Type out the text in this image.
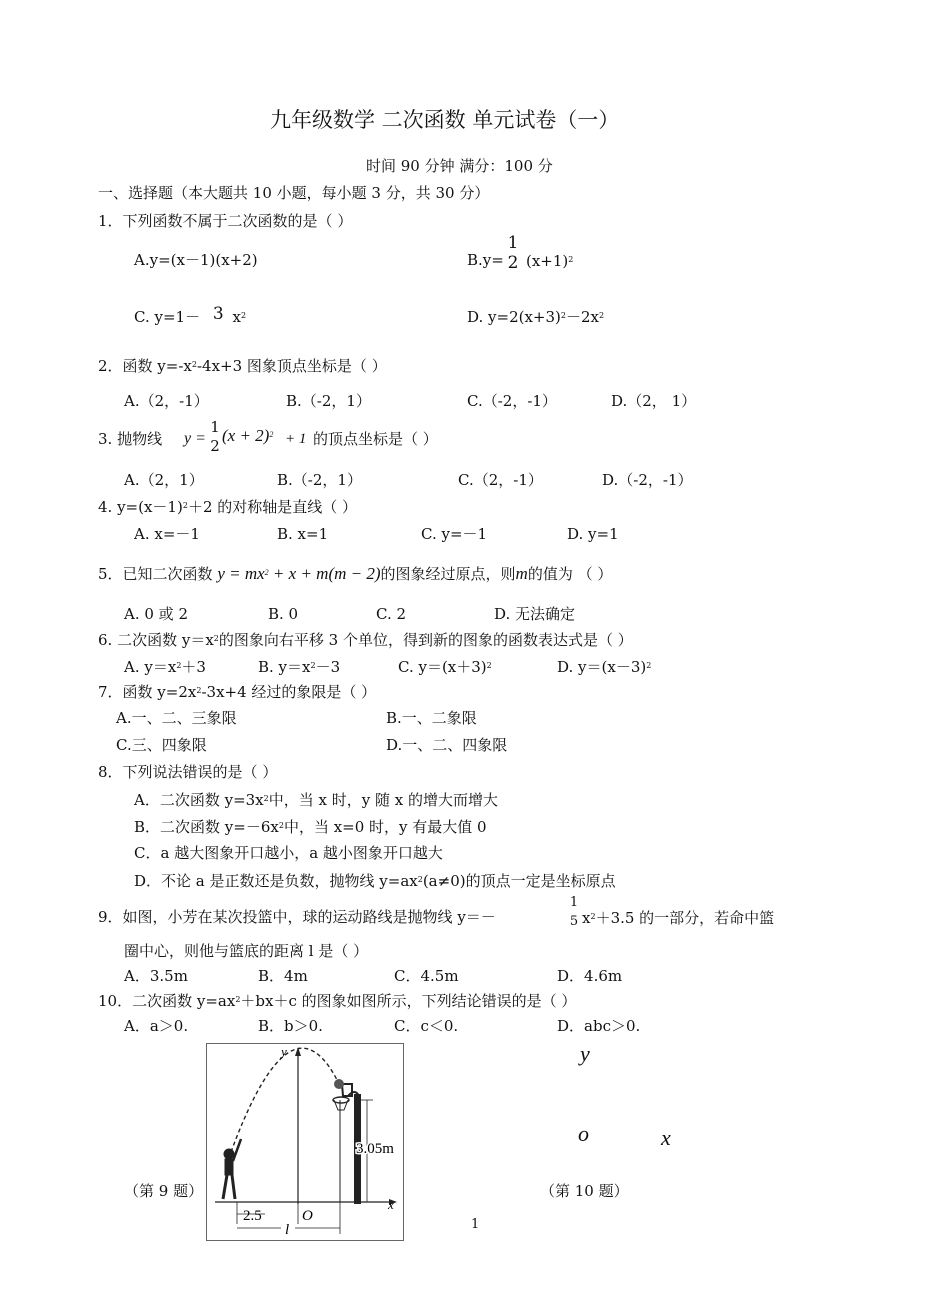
九年级数学 二次函数 单元试卷（一）
时间 90 分钟 满分：100 分
一、选择题（本大题共 10 小题，每小题 3 分，共 30 分）
1．下列函数不属于二次函数的是（ ）
A.y=(x－1)(x+2)	B.y=
1
2 $(x+1)^2$
C. y=1－ 3 $x^2$	D. $y=2(x+3)^2-2x^2$
2．函数 $y=-x^2-4x+3$ 图象顶点坐标是（ ）
A.（2，-1）	B.（-2，1）	C.（-2，-1）	D.（2， 1）
3. 抛物线 y =
1
2
$(x + 2)^2 + 1$ 的顶点坐标是（ ）
A.（2，1）	B.（-2，1）	C.（2，-1）	D.（-2，-1）
4. $y=(x-1)^2+2$ 的对称轴是直线（ ）
A. x=－1	B. x=1	C. y=－1	D. y=1
5．已知二次函数 $y = mx^2 + x + m(m - 2)$的图象经过原点，则m的值为 （ ）
A. 0 或 2	B. 0	C. 2	D. 无法确定
6. 二次函数 $y=x^2$的图象向右平移 3 个单位，得到新的图象的函数表达式是（ ）
A. $y=x^2+3$	B. $y=x^2-3$	C. $y=(x+3)^2$	D. $y=(x-3)^2$
7．函数 $y=2x^2-3x+4$ 经过的象限是（ ）
A.一、二、三象限	B.一、二象限
C.三、四象限	D.一、二、四象限
8．下列说法错误的是（ ）
A．二次函数 $y=3x^2$中，当 x 时，y 随 x 的增大而增大
B．二次函数 $y=-6x^2$中，当 x=0 时，y 有最大值 0
C．a 越大图象开口越小，a 越小图象开口越大
D．不论 a 是正数还是负数，抛物线 $y=ax^2(a\ne 0)$的顶点一定是坐标原点
9．如图，小芳在某次投篮中，球的运动路线是抛物线 y＝－
1
5 $x^2+3.5$ 的一部分，若命中篮
圈中心，则他与篮底的距离 l 是（ ）
A．3.5m	B．4m	C．4.5m	D．4.6m
10．二次函数 $y=ax^2+bx+c$ 的图象如图所示，下列结论错误的是（ ）
A．a＞0.	B．b＞0.	C．c＜0.	D．abc＞0.
（第 9 题）
2.5	O
l
y
x
3.05m
y
o	x
（第 10 题）
1
